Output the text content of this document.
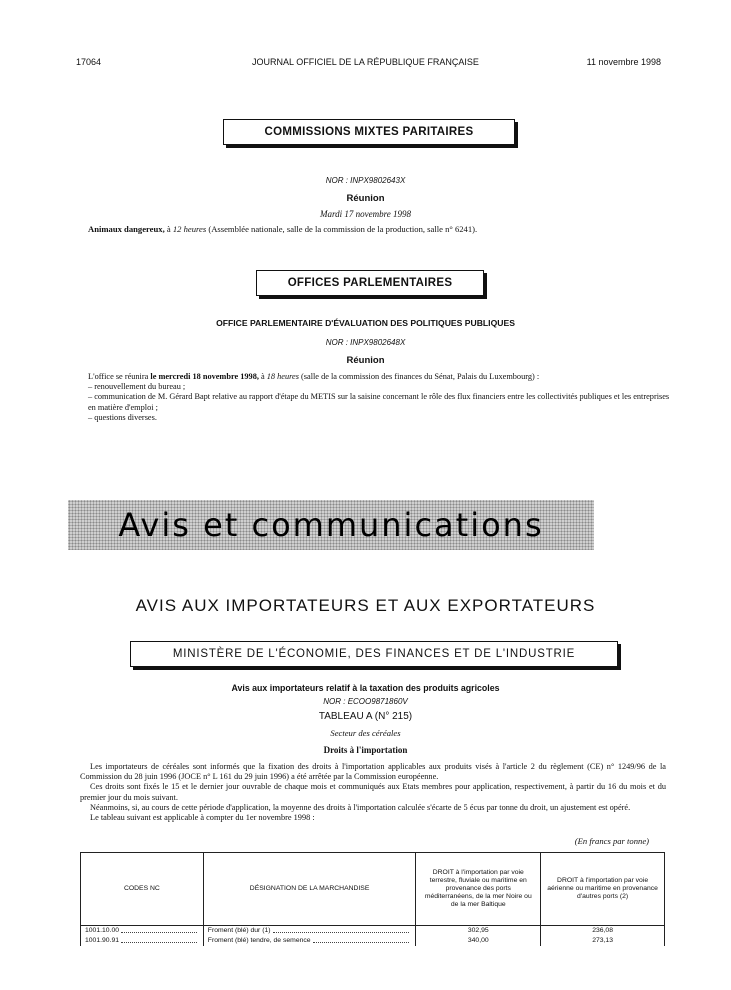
17064	JOURNAL OFFICIEL DE LA RÉPUBLIQUE FRANÇAISE	11 novembre 1998
COMMISSIONS MIXTES PARITAIRES
NOR : INPX9802643X
Réunion
Mardi 17 novembre 1998
Animaux dangereux, à 12 heures (Assemblée nationale, salle de la commission de la production, salle n° 6241).
OFFICES PARLEMENTAIRES
OFFICE PARLEMENTAIRE D'ÉVALUATION DES POLITIQUES PUBLIQUES
NOR : INPX9802648X
Réunion
L'office se réunira le mercredi 18 novembre 1998, à 18 heures (salle de la commission des finances du Sénat, Palais du Luxembourg) :
– renouvellement du bureau ;
– communication de M. Gérard Bapt relative au rapport d'étape du METIS sur la saisine concernant le rôle des flux financiers entre les collectivités publiques et les entreprises en matière d'emploi ;
– questions diverses.
Avis et communications
AVIS AUX IMPORTATEURS ET AUX EXPORTATEURS
MINISTÈRE DE L'ÉCONOMIE, DES FINANCES ET DE L'INDUSTRIE
Avis aux importateurs relatif à la taxation des produits agricoles
NOR : ECOO9871860V
TABLEAU A (N° 215)
Secteur des céréales
Droits à l'importation
Les importateurs de céréales sont informés que la fixation des droits à l'importation applicables aux produits visés à l'article 2 du règlement (CE) n° 1249/96 de la Commission du 28 juin 1996 (JOCE n° L 161 du 29 juin 1996) a été arrêtée par la Commission européenne.
Ces droits sont fixés le 15 et le dernier jour ouvrable de chaque mois et communiqués aux Etats membres pour application, respectivement, à partir du 16 du mois et du premier jour du mois suivant.
Néanmoins, si, au cours de cette période d'application, la moyenne des droits à l'importation calculée s'écarte de 5 écus par tonne du droit, un ajustement est opéré.
Le tableau suivant est applicable à compter du 1er novembre 1998 :
(En francs par tonne)
CODES NC	DÉSIGNATION DE LA MARCHANDISE	DROIT à l'importation par voie terrestre, fluviale ou maritime en provenance des ports méditerranéens, de la mer Noire ou de la mer Baltique	DROIT à l'importation par voie aérienne ou maritime en provenance d'autres ports (2)

1001.10.00	Froment (blé) dur (1)	302,95	236,08

1001.90.91	Froment (blé) tendre, de semence	340,00	273,13
